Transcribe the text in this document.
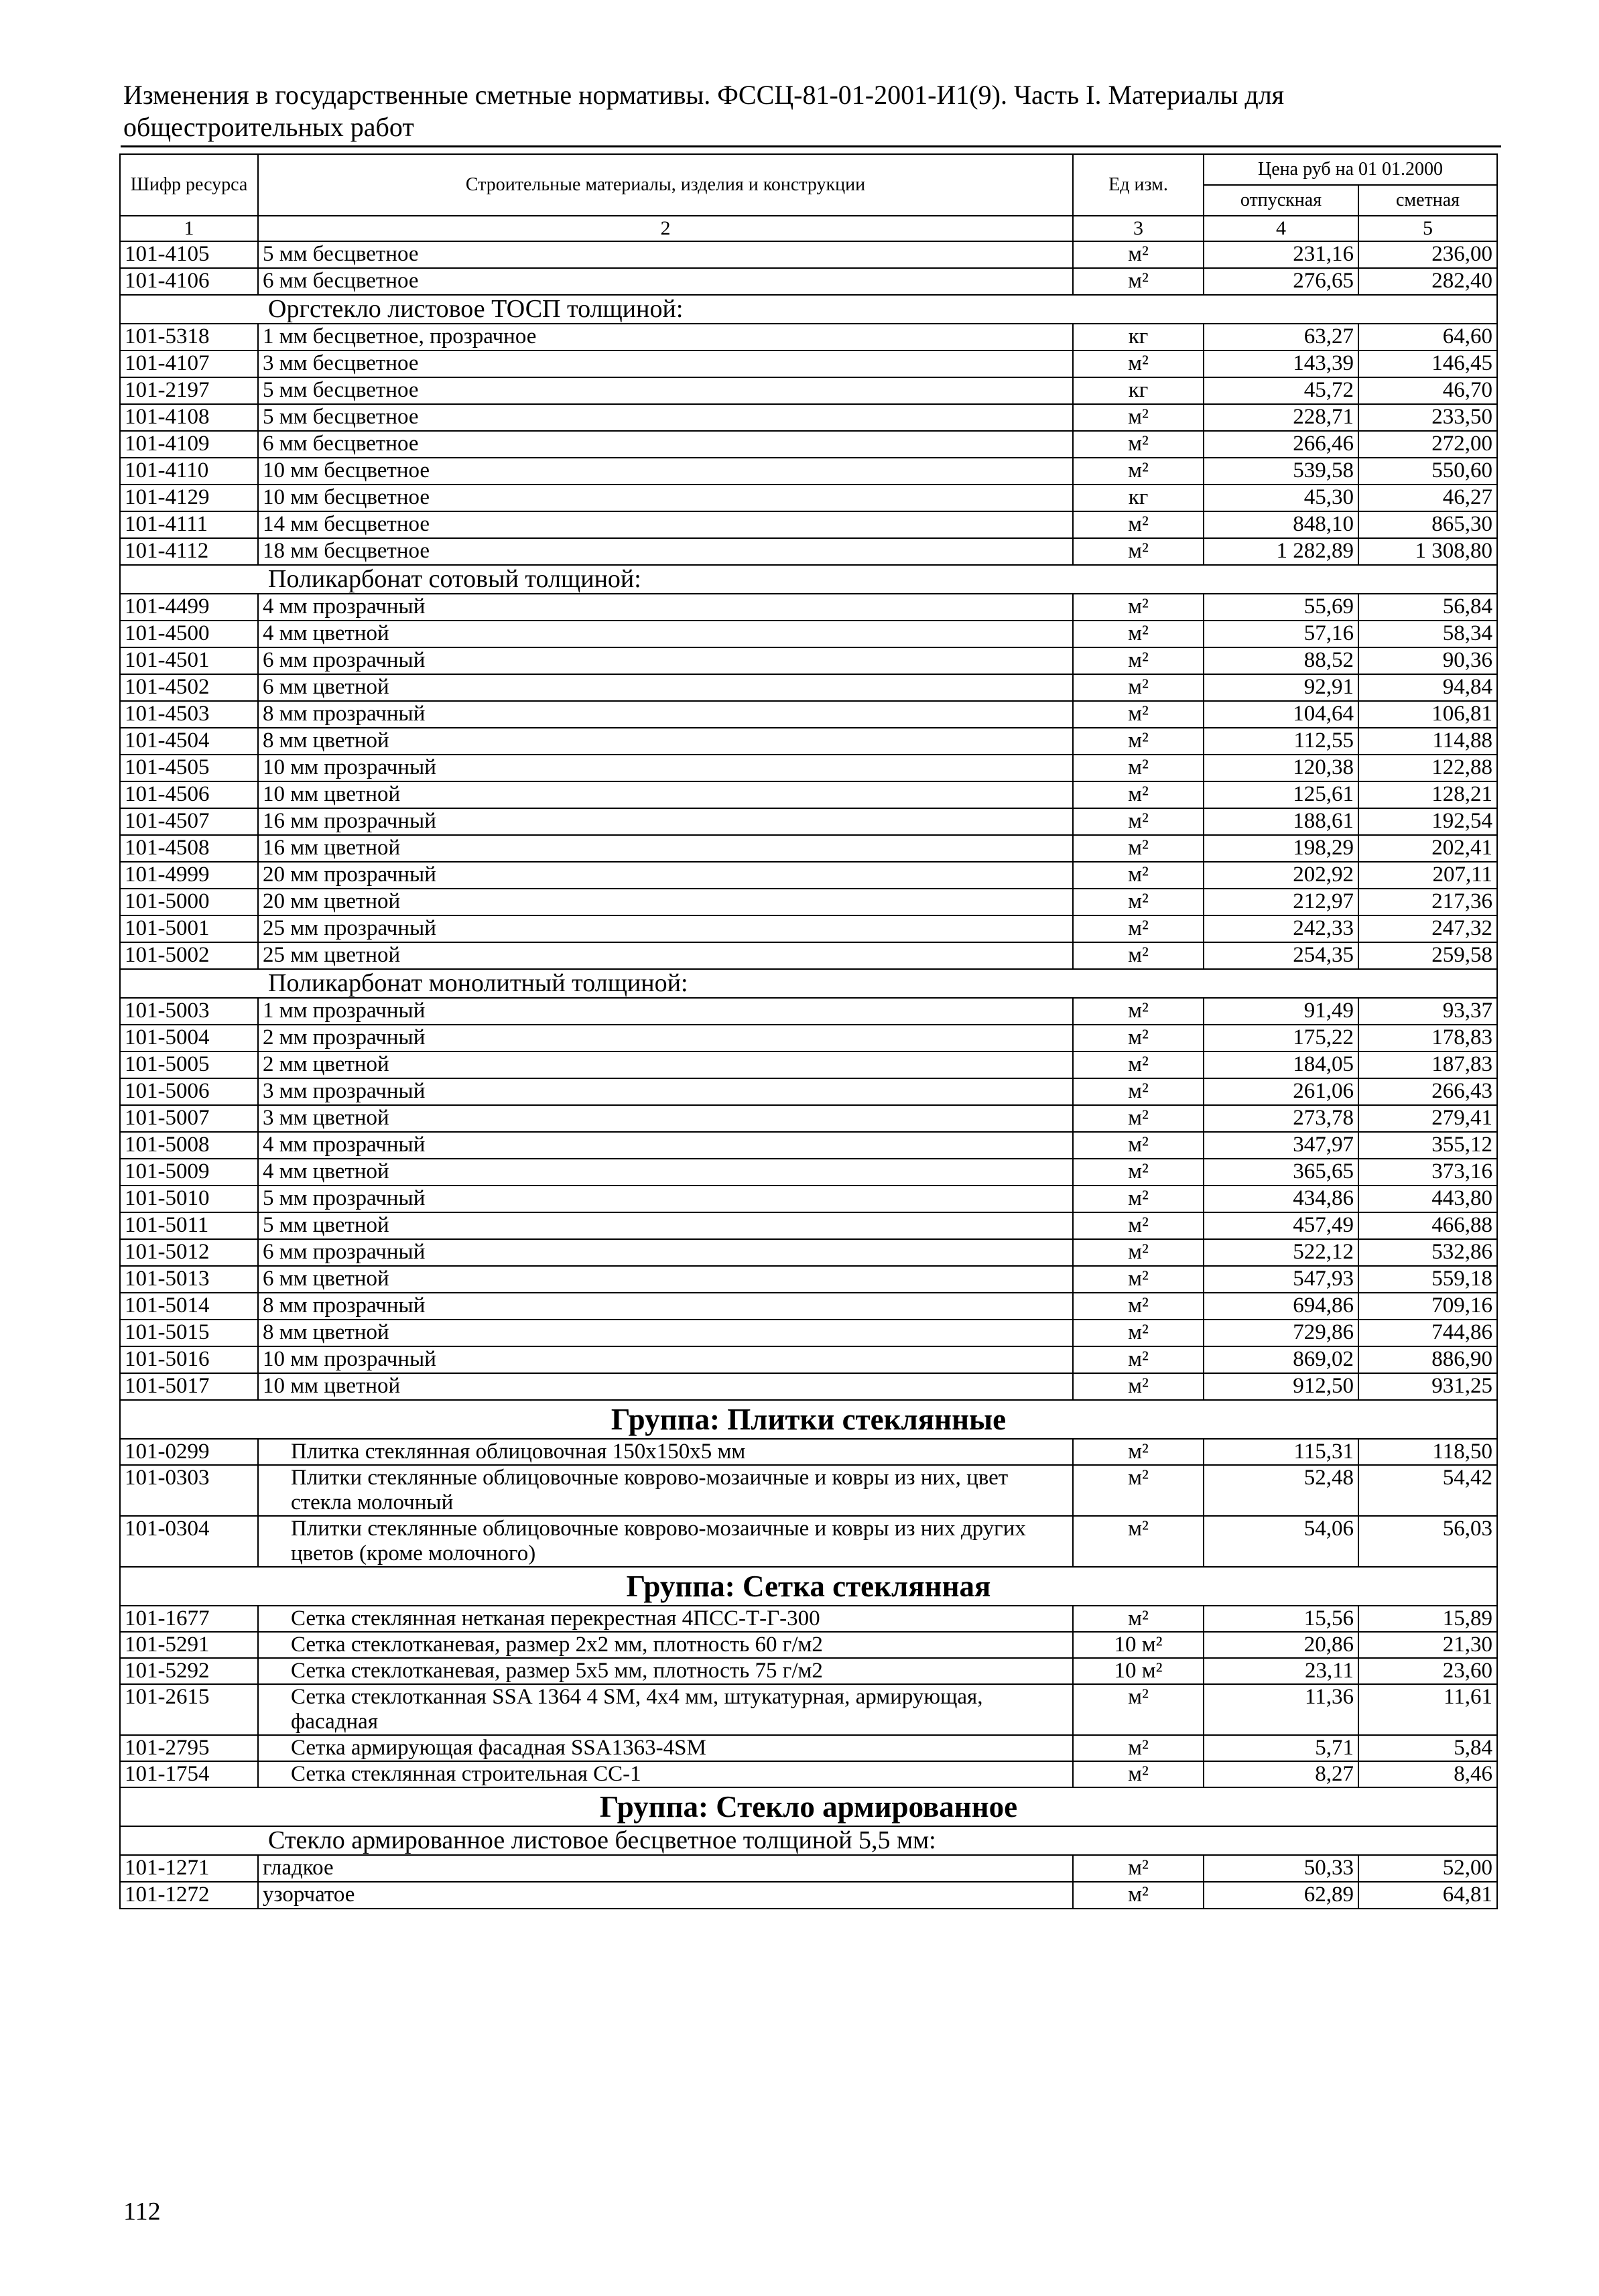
Изменения в государственные сметные нормативы. ФССЦ-81-01-2001-И1(9). Часть I. Материалы для
общестроительных работ
Шифр ресурса	Строительные материалы, изделия и конструкции	Ед изм.	Цена руб на 01 01.2000	
			отпускная	сметная
1	2	3	4	5
101-4105	5 мм бесцветное	м²	231,16	236,00
101-4106	6 мм бесцветное	м²	276,65	282,40
Оргстекло листовое ТОСП толщиной:				
101-5318	1 мм бесцветное, прозрачное	кг	63,27	64,60
101-4107	3 мм бесцветное	м²	143,39	146,45
101-2197	5 мм бесцветное	кг	45,72	46,70
101-4108	5 мм бесцветное	м²	228,71	233,50
101-4109	6 мм бесцветное	м²	266,46	272,00
101-4110	10 мм бесцветное	м²	539,58	550,60
101-4129	10 мм бесцветное	кг	45,30	46,27
101-4111	14 мм бесцветное	м²	848,10	865,30
101-4112	18 мм бесцветное	м²	1 282,89	1 308,80
Поликарбонат сотовый толщиной:				
101-4499	4 мм прозрачный	м²	55,69	56,84
101-4500	4 мм цветной	м²	57,16	58,34
101-4501	6 мм прозрачный	м²	88,52	90,36
101-4502	6 мм цветной	м²	92,91	94,84
101-4503	8 мм прозрачный	м²	104,64	106,81
101-4504	8 мм цветной	м²	112,55	114,88
101-4505	10 мм прозрачный	м²	120,38	122,88
101-4506	10 мм цветной	м²	125,61	128,21
101-4507	16 мм прозрачный	м²	188,61	192,54
101-4508	16 мм цветной	м²	198,29	202,41
101-4999	20 мм прозрачный	м²	202,92	207,11
101-5000	20 мм цветной	м²	212,97	217,36
101-5001	25 мм прозрачный	м²	242,33	247,32
101-5002	25 мм цветной	м²	254,35	259,58
Поликарбонат монолитный толщиной:				
101-5003	1 мм прозрачный	м²	91,49	93,37
101-5004	2 мм прозрачный	м²	175,22	178,83
101-5005	2 мм цветной	м²	184,05	187,83
101-5006	3 мм прозрачный	м²	261,06	266,43
101-5007	3 мм цветной	м²	273,78	279,41
101-5008	4 мм прозрачный	м²	347,97	355,12
101-5009	4 мм цветной	м²	365,65	373,16
101-5010	5 мм прозрачный	м²	434,86	443,80
101-5011	5 мм цветной	м²	457,49	466,88
101-5012	6 мм прозрачный	м²	522,12	532,86
101-5013	6 мм цветной	м²	547,93	559,18
101-5014	8 мм прозрачный	м²	694,86	709,16
101-5015	8 мм цветной	м²	729,86	744,86
101-5016	10 мм прозрачный	м²	869,02	886,90
101-5017	10 мм цветной	м²	912,50	931,25
Группа: Плитки стеклянные				
101-0299	Плитка стеклянная облицовочная 150х150х5 мм	м²	115,31	118,50
101-0303	Плитки стеклянные облицовочные коврово-мозаичные и ковры из них, цвет стекла молочный	м²	52,48	54,42
101-0304	Плитки стеклянные облицовочные коврово-мозаичные и ковры из них других цветов (кроме молочного)	м²	54,06	56,03
Группа: Сетка стеклянная				
101-1677	Сетка стеклянная нетканая перекрестная 4ПСС-Т-Г-300	м²	15,56	15,89
101-5291	Сетка стеклотканевая, размер 2х2 мм, плотность 60 г/м2	10 м²	20,86	21,30
101-5292	Сетка стеклотканевая, размер 5х5 мм, плотность 75 г/м2	10 м²	23,11	23,60
101-2615	Сетка стеклотканная SSA 1364 4 SM, 4х4 мм, штукатурная, армирующая, фасадная	м²	11,36	11,61
101-2795	Сетка армирующая фасадная SSA1363-4SM	м²	5,71	5,84
101-1754	Сетка стеклянная строительная СС-1	м²	8,27	8,46
Группа: Стекло армированное				
Стекло армированное листовое бесцветное толщиной 5,5 мм:				
101-1271	гладкое	м²	50,33	52,00
101-1272	узорчатое	м²	62,89	64,81
112
